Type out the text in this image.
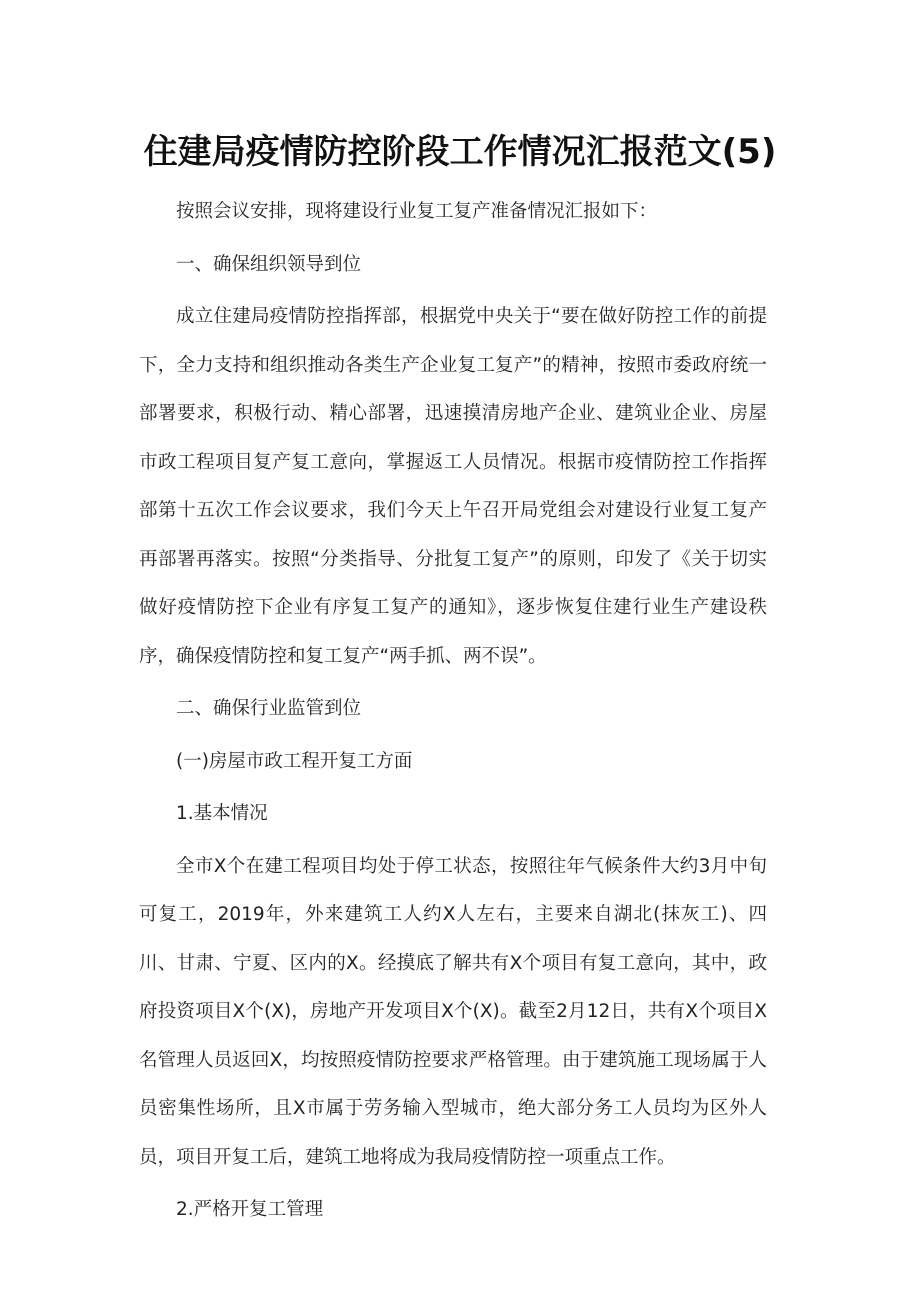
住建局疫情防控阶段工作情况汇报范文(5)

按照会议安排，现将建设行业复工复产准备情况汇报如下：

一、确保组织领导到位

成立住建局疫情防控指挥部，根据党中央关于“要在做好防控工作的前提下，全力支持和组织推动各类生产企业复工复产”的精神，按照市委政府统一部署要求，积极行动、精心部署，迅速摸清房地产企业、建筑业企业、房屋市政工程项目复产复工意向，掌握返工人员情况。根据市疫情防控工作指挥部第十五次工作会议要求，我们今天上午召开局党组会对建设行业复工复产再部署再落实。按照“分类指导、分批复工复产”的原则，印发了《关于切实做好疫情防控下企业有序复工复产的通知》，逐步恢复住建行业生产建设秩序，确保疫情防控和复工复产“两手抓、两不误”。

二、确保行业监管到位

(一)房屋市政工程开复工方面

1.基本情况

全市X个在建工程项目均处于停工状态，按照往年气候条件大约3月中旬可复工，2019年，外来建筑工人约X人左右，主要来自湖北(抹灰工)、四川、甘肃、宁夏、区内的X。经摸底了解共有X个项目有复工意向，其中，政府投资项目X个(X)，房地产开发项目X个(X)。截至2月12日，共有X个项目X名管理人员返回X，均按照疫情防控要求严格管理。由于建筑施工现场属于人员密集性场所，且X市属于劳务输入型城市，绝大部分务工人员均为区外人员，项目开复工后，建筑工地将成为我局疫情防控一项重点工作。

2.严格开复工管理
